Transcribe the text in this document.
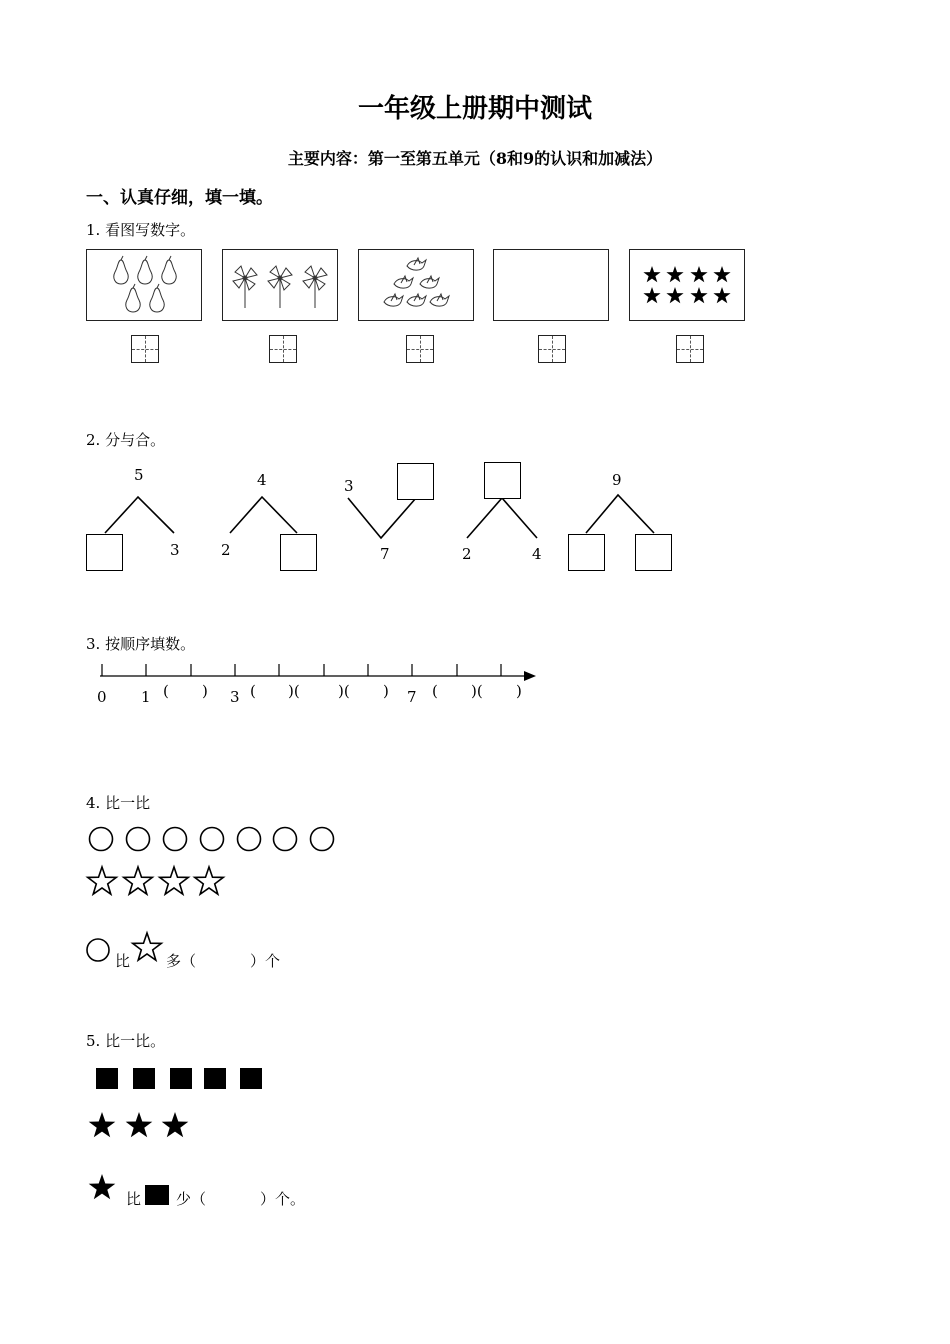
一年级上册期中测试
主要内容：第一至第五单元（8和9的认识和加减法）
一、认真仔细，填一填。
1. 看图写数字。
2. 分与合。
5
3
4
2
3
7	2	4
9
3. 按顺序填数。
0 1 ( ) 3 ( )(	)( ) 7 ( )( )
4. 比一比
比 多（	）个
5. 比一比。
比 少（	）个。
